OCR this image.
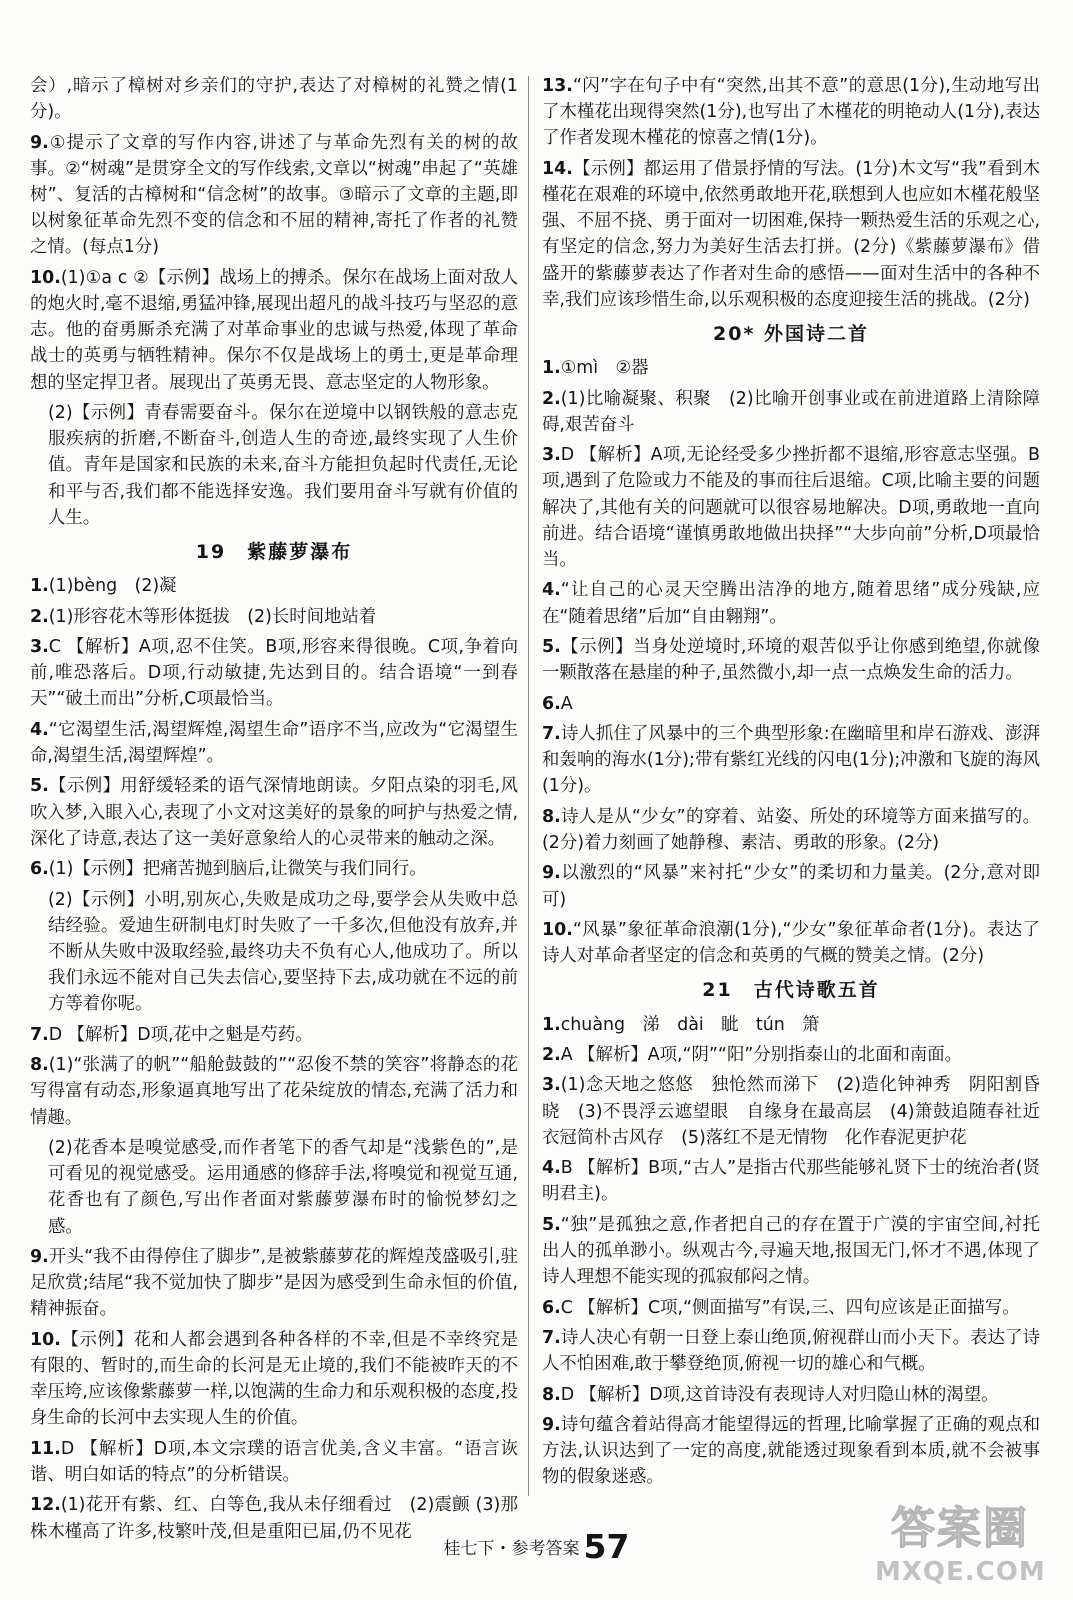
会）,暗示了樟树对乡亲们的守护,表达了对樟树的礼赞之情(1分)。
9.①提示了文章的写作内容,讲述了与革命先烈有关的树的故事。②“树魂”是贯穿全文的写作线索,文章以“树魂”串起了“英雄树”、复活的古樟树和“信念树”的故事。③暗示了文章的主题,即以树象征革命先烈不变的信念和不屈的精神,寄托了作者的礼赞之情。(每点1分)
10.(1)①a c ②【示例】战场上的搏杀。保尔在战场上面对敌人的炮火时,毫不退缩,勇猛冲锋,展现出超凡的战斗技巧与坚忍的意志。他的奋勇厮杀充满了对革命事业的忠诚与热爱,体现了革命战士的英勇与牺牲精神。保尔不仅是战场上的勇士,更是革命理想的坚定捍卫者。展现出了英勇无畏、意志坚定的人物形象。
(2)【示例】青春需要奋斗。保尔在逆境中以钢铁般的意志克服疾病的折磨,不断奋斗,创造人生的奇迹,最终实现了人生价值。青年是国家和民族的未来,奋斗方能担负起时代责任,无论和平与否,我们都不能选择安逸。我们要用奋斗写就有价值的人生。
19　紫藤萝瀑布
1.(1)bèng　(2)凝
2.(1)形容花木等形体挺拔　(2)长时间地站着
3.C 【解析】A项,忍不住笑。B项,形容来得很晚。C项,争着向前,唯恐落后。D项,行动敏捷,先达到目的。结合语境“一到春天”“破土而出”分析,C项最恰当。
4.“它渴望生活,渴望辉煌,渴望生命”语序不当,应改为“它渴望生命,渴望生活,渴望辉煌”。
5.【示例】用舒缓轻柔的语气深情地朗读。夕阳点染的羽毛,风吹入梦,入眼入心,表现了小文对这美好的景象的呵护与热爱之情,深化了诗意,表达了这一美好意象给人的心灵带来的触动之深。
6.(1)【示例】把痛苦抛到脑后,让微笑与我们同行。
(2)【示例】小明,别灰心,失败是成功之母,要学会从失败中总结经验。爱迪生研制电灯时失败了一千多次,但他没有放弃,并不断从失败中汲取经验,最终功夫不负有心人,他成功了。所以我们永远不能对自己失去信心,要坚持下去,成功就在不远的前方等着你呢。
7.D 【解析】D项,花中之魁是芍药。
8.(1)“张满了的帆”“船舱鼓鼓的”“忍俊不禁的笑容”将静态的花写得富有动态,形象逼真地写出了花朵绽放的情态,充满了活力和情趣。
(2)花香本是嗅觉感受,而作者笔下的香气却是“浅紫色的”,是可看见的视觉感受。运用通感的修辞手法,将嗅觉和视觉互通,花香也有了颜色,写出作者面对紫藤萝瀑布时的愉悦梦幻之感。
9.开头“我不由得停住了脚步”,是被紫藤萝花的辉煌茂盛吸引,驻足欣赏;结尾“我不觉加快了脚步”是因为感受到生命永恒的价值,精神振奋。
10.【示例】花和人都会遇到各种各样的不幸,但是不幸终究是有限的、暂时的,而生命的长河是无止境的,我们不能被昨天的不幸压垮,应该像紫藤萝一样,以饱满的生命力和乐观积极的态度,投身生命的长河中去实现人生的价值。
11.D 【解析】D项,本文宗璞的语言优美,含义丰富。“语言诙谐、明白如话的特点”的分析错误。
12.(1)花开有紫、红、白等色,我从未仔细看过　(2)震颤 (3)那株木槿高了许多,枝繁叶茂,但是重阳已届,仍不见花
13.“闪”字在句子中有“突然,出其不意”的意思(1分),生动地写出了木槿花出现得突然(1分),也写出了木槿花的明艳动人(1分),表达了作者发现木槿花的惊喜之情(1分)。
14.【示例】都运用了借景抒情的写法。(1分)木文写“我”看到木槿花在艰难的环境中,依然勇敢地开花,联想到人也应如木槿花般坚强、不屈不挠、勇于面对一切困难,保持一颗热爱生活的乐观之心,有坚定的信念,努力为美好生活去打拼。(2分)《紫藤萝瀑布》借盛开的紫藤萝表达了作者对生命的感悟——面对生活中的各种不幸,我们应该珍惜生命,以乐观积极的态度迎接生活的挑战。(2分)
20* 外国诗二首
1.①mì　②器
2.(1)比喻凝聚、积聚　(2)比喻开创事业或在前进道路上清除障碍,艰苦奋斗
3.D 【解析】A项,无论经受多少挫折都不退缩,形容意志坚强。B项,遇到了危险或力不能及的事而往后退缩。C项,比喻主要的问题解决了,其他有关的问题就可以很容易地解决。D项,勇敢地一直向前进。结合语境“谨慎勇敢地做出抉择”“大步向前”分析,D项最恰当。
4.“让自己的心灵天空腾出洁净的地方,随着思绪”成分残缺,应在“随着思绪”后加“自由翱翔”。
5.【示例】当身处逆境时,环境的艰苦似乎让你感到绝望,你就像一颗散落在悬崖的种子,虽然微小,却一点一点焕发生命的活力。
6.A
7.诗人抓住了风暴中的三个典型形象:在幽暗里和岸石游戏、澎湃和轰响的海水(1分);带有紫红光线的闪电(1分);冲激和飞旋的海风(1分)。
8.诗人是从“少女”的穿着、站姿、所处的环境等方面来描写的。(2分)着力刻画了她静穆、素洁、勇敢的形象。(2分)
9.以激烈的“风暴”来衬托“少女”的柔切和力量美。(2分,意对即可)
10.“风暴”象征革命浪潮(1分),“少女”象征革命者(1分)。表达了诗人对革命者坚定的信念和英勇的气概的赞美之情。(2分)
21　古代诗歌五首
1.chuàng　涕　dài　眦　tún　箫
2.A 【解析】A项,“阴”“阳”分别指泰山的北面和南面。
3.(1)念天地之悠悠　独怆然而涕下　(2)造化钟神秀　阴阳割昏晓　(3)不畏浮云遮望眼　自缘身在最高层　(4)箫鼓追随春社近　衣冠简朴古风存　(5)落红不是无情物　化作春泥更护花
4.B 【解析】B项,“古人”是指古代那些能够礼贤下士的统治者(贤明君主)。
5.“独”是孤独之意,作者把自己的存在置于广漠的宇宙空间,衬托出人的孤单渺小。纵观古今,寻遍天地,报国无门,怀才不遇,体现了诗人理想不能实现的孤寂郁闷之情。
6.C 【解析】C项,“侧面描写”有误,三、四句应该是正面描写。
7.诗人决心有朝一日登上泰山绝顶,俯视群山而小天下。表达了诗人不怕困难,敢于攀登绝顶,俯视一切的雄心和气概。
8.D 【解析】D项,这首诗没有表现诗人对归隐山林的渴望。
9.诗句蕴含着站得高才能望得远的哲理,比喻掌握了正确的观点和方法,认识达到了一定的高度,就能透过现象看到本质,就不会被事物的假象迷惑。
桂七下・参考答案 57	答案圈
MXQE.COM
